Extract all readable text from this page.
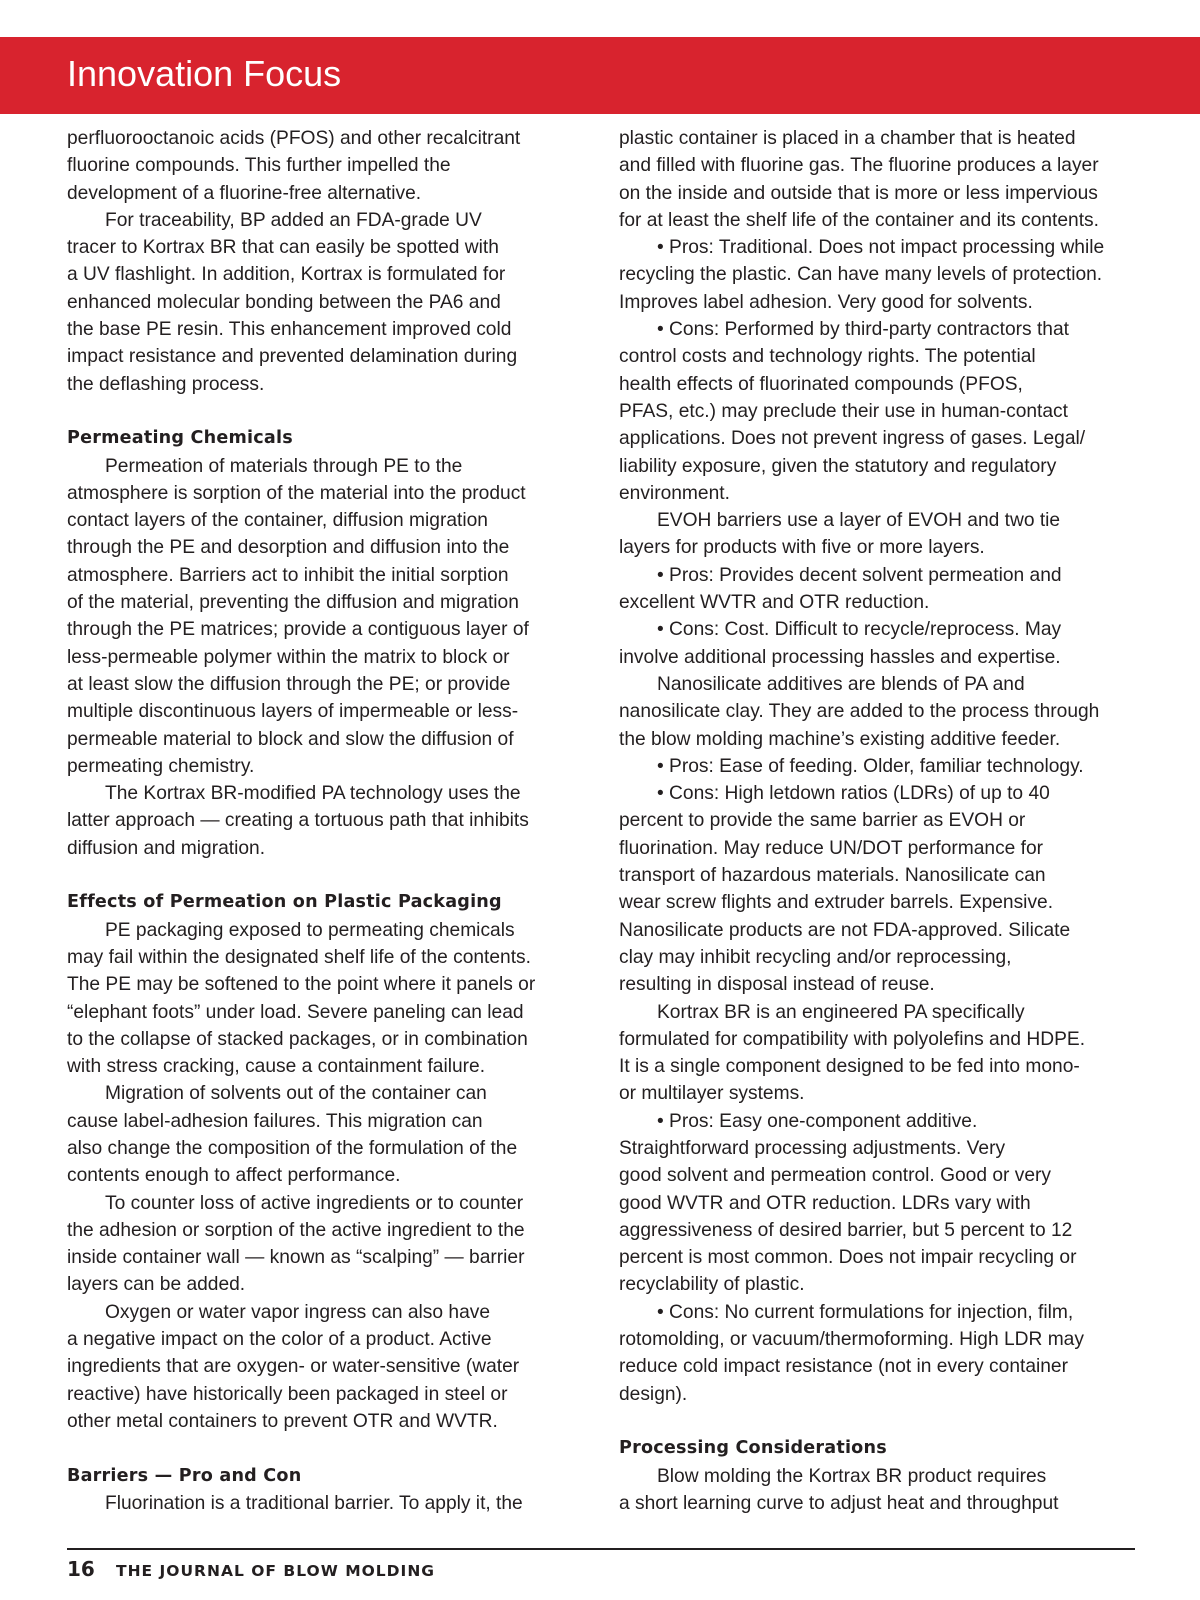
Innovation Focus
perfluorooctanoic acids (PFOS) and other recalcitrant
fluorine compounds. This further impelled the
development of a fluorine-free alternative.
For traceability, BP added an FDA-grade UV
tracer to Kortrax BR that can easily be spotted with
a UV flashlight. In addition, Kortrax is formulated for
enhanced molecular bonding between the PA6 and
the base PE resin. This enhancement improved cold
impact resistance and prevented delamination during
the deflashing process.
Permeating Chemicals
Permeation of materials through PE to the
atmosphere is sorption of the material into the product
contact layers of the container, diffusion migration
through the PE and desorption and diffusion into the
atmosphere. Barriers act to inhibit the initial sorption
of the material, preventing the diffusion and migration
through the PE matrices; provide a contiguous layer of
less-permeable polymer within the matrix to block or
at least slow the diffusion through the PE; or provide
multiple discontinuous layers of impermeable or less-
permeable material to block and slow the diffusion of
permeating chemistry.
The Kortrax BR-modified PA technology uses the
latter approach — creating a tortuous path that inhibits
diffusion and migration.
Effects of Permeation on Plastic Packaging
PE packaging exposed to permeating chemicals
may fail within the designated shelf life of the contents.
The PE may be softened to the point where it panels or
“elephant foots” under load. Severe paneling can lead
to the collapse of stacked packages, or in combination
with stress cracking, cause a containment failure.
Migration of solvents out of the container can
cause label-adhesion failures. This migration can
also change the composition of the formulation of the
contents enough to affect performance.
To counter loss of active ingredients or to counter
the adhesion or sorption of the active ingredient to the
inside container wall — known as “scalping” — barrier
layers can be added.
Oxygen or water vapor ingress can also have
a negative impact on the color of a product. Active
ingredients that are oxygen- or water-sensitive (water
reactive) have historically been packaged in steel or
other metal containers to prevent OTR and WVTR.
Barriers — Pro and Con
Fluorination is a traditional barrier. To apply it, the
plastic container is placed in a chamber that is heated
and filled with fluorine gas. The fluorine produces a layer
on the inside and outside that is more or less impervious
for at least the shelf life of the container and its contents.
• Pros: Traditional. Does not impact processing while
recycling the plastic. Can have many levels of protection.
Improves label adhesion. Very good for solvents.
• Cons: Performed by third-party contractors that
control costs and technology rights. The potential
health effects of fluorinated compounds (PFOS,
PFAS, etc.) may preclude their use in human-contact
applications. Does not prevent ingress of gases. Legal/
liability exposure, given the statutory and regulatory
environment.
EVOH barriers use a layer of EVOH and two tie
layers for products with five or more layers.
• Pros: Provides decent solvent permeation and
excellent WVTR and OTR reduction.
• Cons: Cost. Difficult to recycle/reprocess. May
involve additional processing hassles and expertise.
Nanosilicate additives are blends of PA and
nanosilicate clay. They are added to the process through
the blow molding machine’s existing additive feeder.
• Pros: Ease of feeding. Older, familiar technology.
• Cons: High letdown ratios (LDRs) of up to 40
percent to provide the same barrier as EVOH or
fluorination. May reduce UN/DOT performance for
transport of hazardous materials. Nanosilicate can
wear screw flights and extruder barrels. Expensive.
Nanosilicate products are not FDA-approved. Silicate
clay may inhibit recycling and/or reprocessing,
resulting in disposal instead of reuse.
Kortrax BR is an engineered PA specifically
formulated for compatibility with polyolefins and HDPE.
It is a single component designed to be fed into mono-
or multilayer systems.
• Pros: Easy one-component additive.
Straightforward processing adjustments. Very
good solvent and permeation control. Good or very
good WVTR and OTR reduction. LDRs vary with
aggressiveness of desired barrier, but 5 percent to 12
percent is most common. Does not impair recycling or
recyclability of plastic.
• Cons: No current formulations for injection, film,
rotomolding, or vacuum/thermoforming. High LDR may
reduce cold impact resistance (not in every container
design).
Processing Considerations
Blow molding the Kortrax BR product requires
a short learning curve to adjust heat and throughput
16 THE JOURNAL OF BLOW MOLDING
